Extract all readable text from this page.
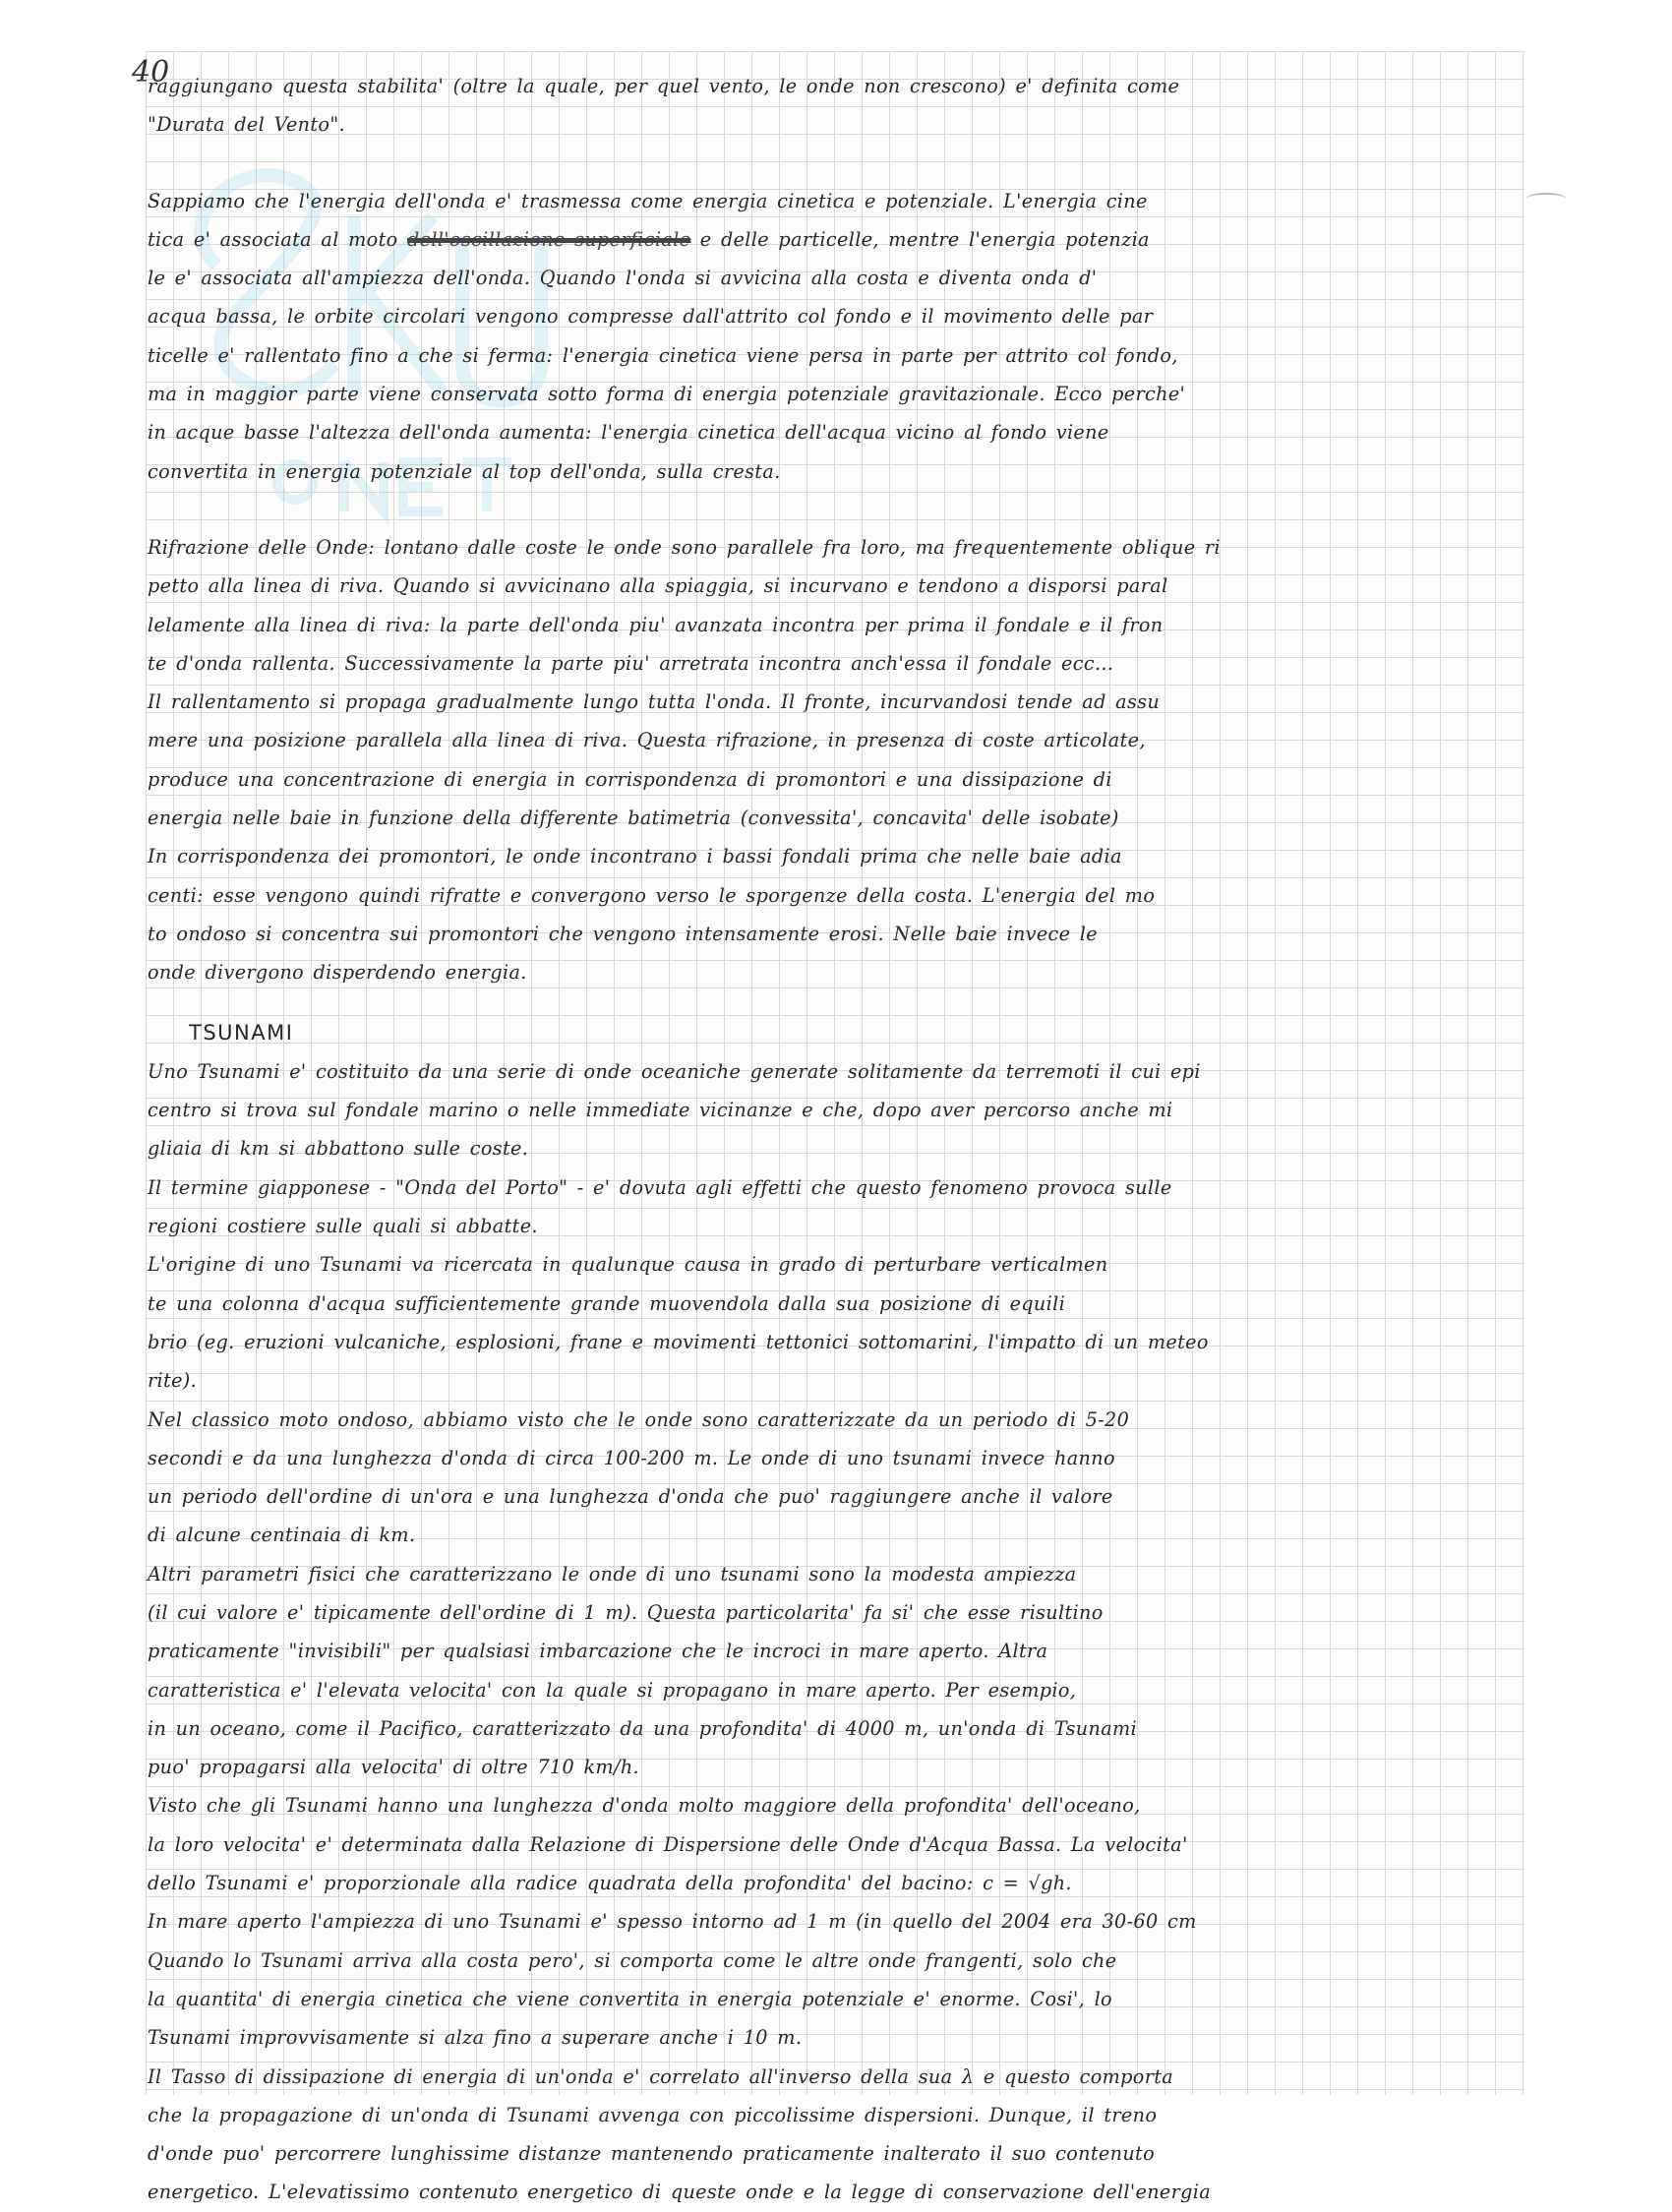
40
raggiungano questa stabilita' (oltre la quale, per quel vento, le onde non crescono) e' definita come
"Durata del Vento".
Sappiamo che l'energia dell'onda e' trasmessa come energia cinetica e potenziale. L'energia cine
tica e' associata al moto dell'oscillazione superficiale e delle particelle, mentre l'energia potenzia
le e' associata all'ampiezza dell'onda. Quando l'onda si avvicina alla costa e diventa onda d'
acqua bassa, le orbite circolari vengono compresse dall'attrito col fondo e il movimento delle par
ticelle e' rallentato fino a che si ferma: l'energia cinetica viene persa in parte per attrito col fondo,
ma in maggior parte viene conservata sotto forma di energia potenziale gravitazionale. Ecco perche'
in acque basse l'altezza dell'onda aumenta: l'energia cinetica dell'acqua vicino al fondo viene
convertita in energia potenziale al top dell'onda, sulla cresta.
Rifrazione delle Onde: lontano dalle coste le onde sono parallele fra loro, ma frequentemente oblique ri
petto alla linea di riva. Quando si avvicinano alla spiaggia, si incurvano e tendono a disporsi paral
lelamente alla linea di riva: la parte dell'onda piu' avanzata incontra per prima il fondale e il fron
te d'onda rallenta. Successivamente la parte piu' arretrata incontra anch'essa il fondale ecc...
Il rallentamento si propaga gradualmente lungo tutta l'onda. Il fronte, incurvandosi tende ad assu
mere una posizione parallela alla linea di riva. Questa rifrazione, in presenza di coste articolate,
produce una concentrazione di energia in corrispondenza di promontori e una dissipazione di
energia nelle baie in funzione della differente batimetria (convessita', concavita' delle isobate)
In corrispondenza dei promontori, le onde incontrano i bassi fondali prima che nelle baie adia
centi: esse vengono quindi rifratte e convergono verso le sporgenze della costa. L'energia del mo
to ondoso si concentra sui promontori che vengono intensamente erosi. Nelle baie invece le
onde divergono disperdendo energia.
TSUNAMI
Uno Tsunami e' costituito da una serie di onde oceaniche generate solitamente da terremoti il cui epi
centro si trova sul fondale marino o nelle immediate vicinanze e che, dopo aver percorso anche mi
gliaia di km si abbattono sulle coste.
Il termine giapponese - "Onda del Porto" - e' dovuta agli effetti che questo fenomeno provoca sulle
regioni costiere sulle quali si abbatte.
L'origine di uno Tsunami va ricercata in qualunque causa in grado di perturbare verticalmen
te una colonna d'acqua sufficientemente grande muovendola dalla sua posizione di equili
brio (eg. eruzioni vulcaniche, esplosioni, frane e movimenti tettonici sottomarini, l'impatto di un meteo
rite).
Nel classico moto ondoso, abbiamo visto che le onde sono caratterizzate da un periodo di 5-20
secondi e da una lunghezza d'onda di circa 100-200 m. Le onde di uno tsunami invece hanno
un periodo dell'ordine di un'ora e una lunghezza d'onda che puo' raggiungere anche il valore
di alcune centinaia di km.
Altri parametri fisici che caratterizzano le onde di uno tsunami sono la modesta ampiezza
(il cui valore e' tipicamente dell'ordine di 1 m). Questa particolarita' fa si' che esse risultino
praticamente "invisibili" per qualsiasi imbarcazione che le incroci in mare aperto. Altra
caratteristica e' l'elevata velocita' con la quale si propagano in mare aperto. Per esempio,
in un oceano, come il Pacifico, caratterizzato da una profondita' di 4000 m, un'onda di Tsunami
puo' propagarsi alla velocita' di oltre 710 km/h.
Visto che gli Tsunami hanno una lunghezza d'onda molto maggiore della profondita' dell'oceano,
la loro velocita' e' determinata dalla Relazione di Dispersione delle Onde d'Acqua Bassa. La velocita'
dello Tsunami e' proporzionale alla radice quadrata della profondita' del bacino: c = √gh.
In mare aperto l'ampiezza di uno Tsunami e' spesso intorno ad 1 m (in quello del 2004 era 30-60 cm
Quando lo Tsunami arriva alla costa pero', si comporta come le altre onde frangenti, solo che
la quantita' di energia cinetica che viene convertita in energia potenziale e' enorme. Cosi', lo
Tsunami improvvisamente si alza fino a superare anche i 10 m.
Il Tasso di dissipazione di energia di un'onda e' correlato all'inverso della sua λ e questo comporta
che la propagazione di un'onda di Tsunami avvenga con piccolissime dispersioni. Dunque, il treno
d'onde puo' percorrere lunghissime distanze mantenendo praticamente inalterato il suo contenuto
energetico. L'elevatissimo contenuto energetico di queste onde e la legge di conservazione dell'energia
